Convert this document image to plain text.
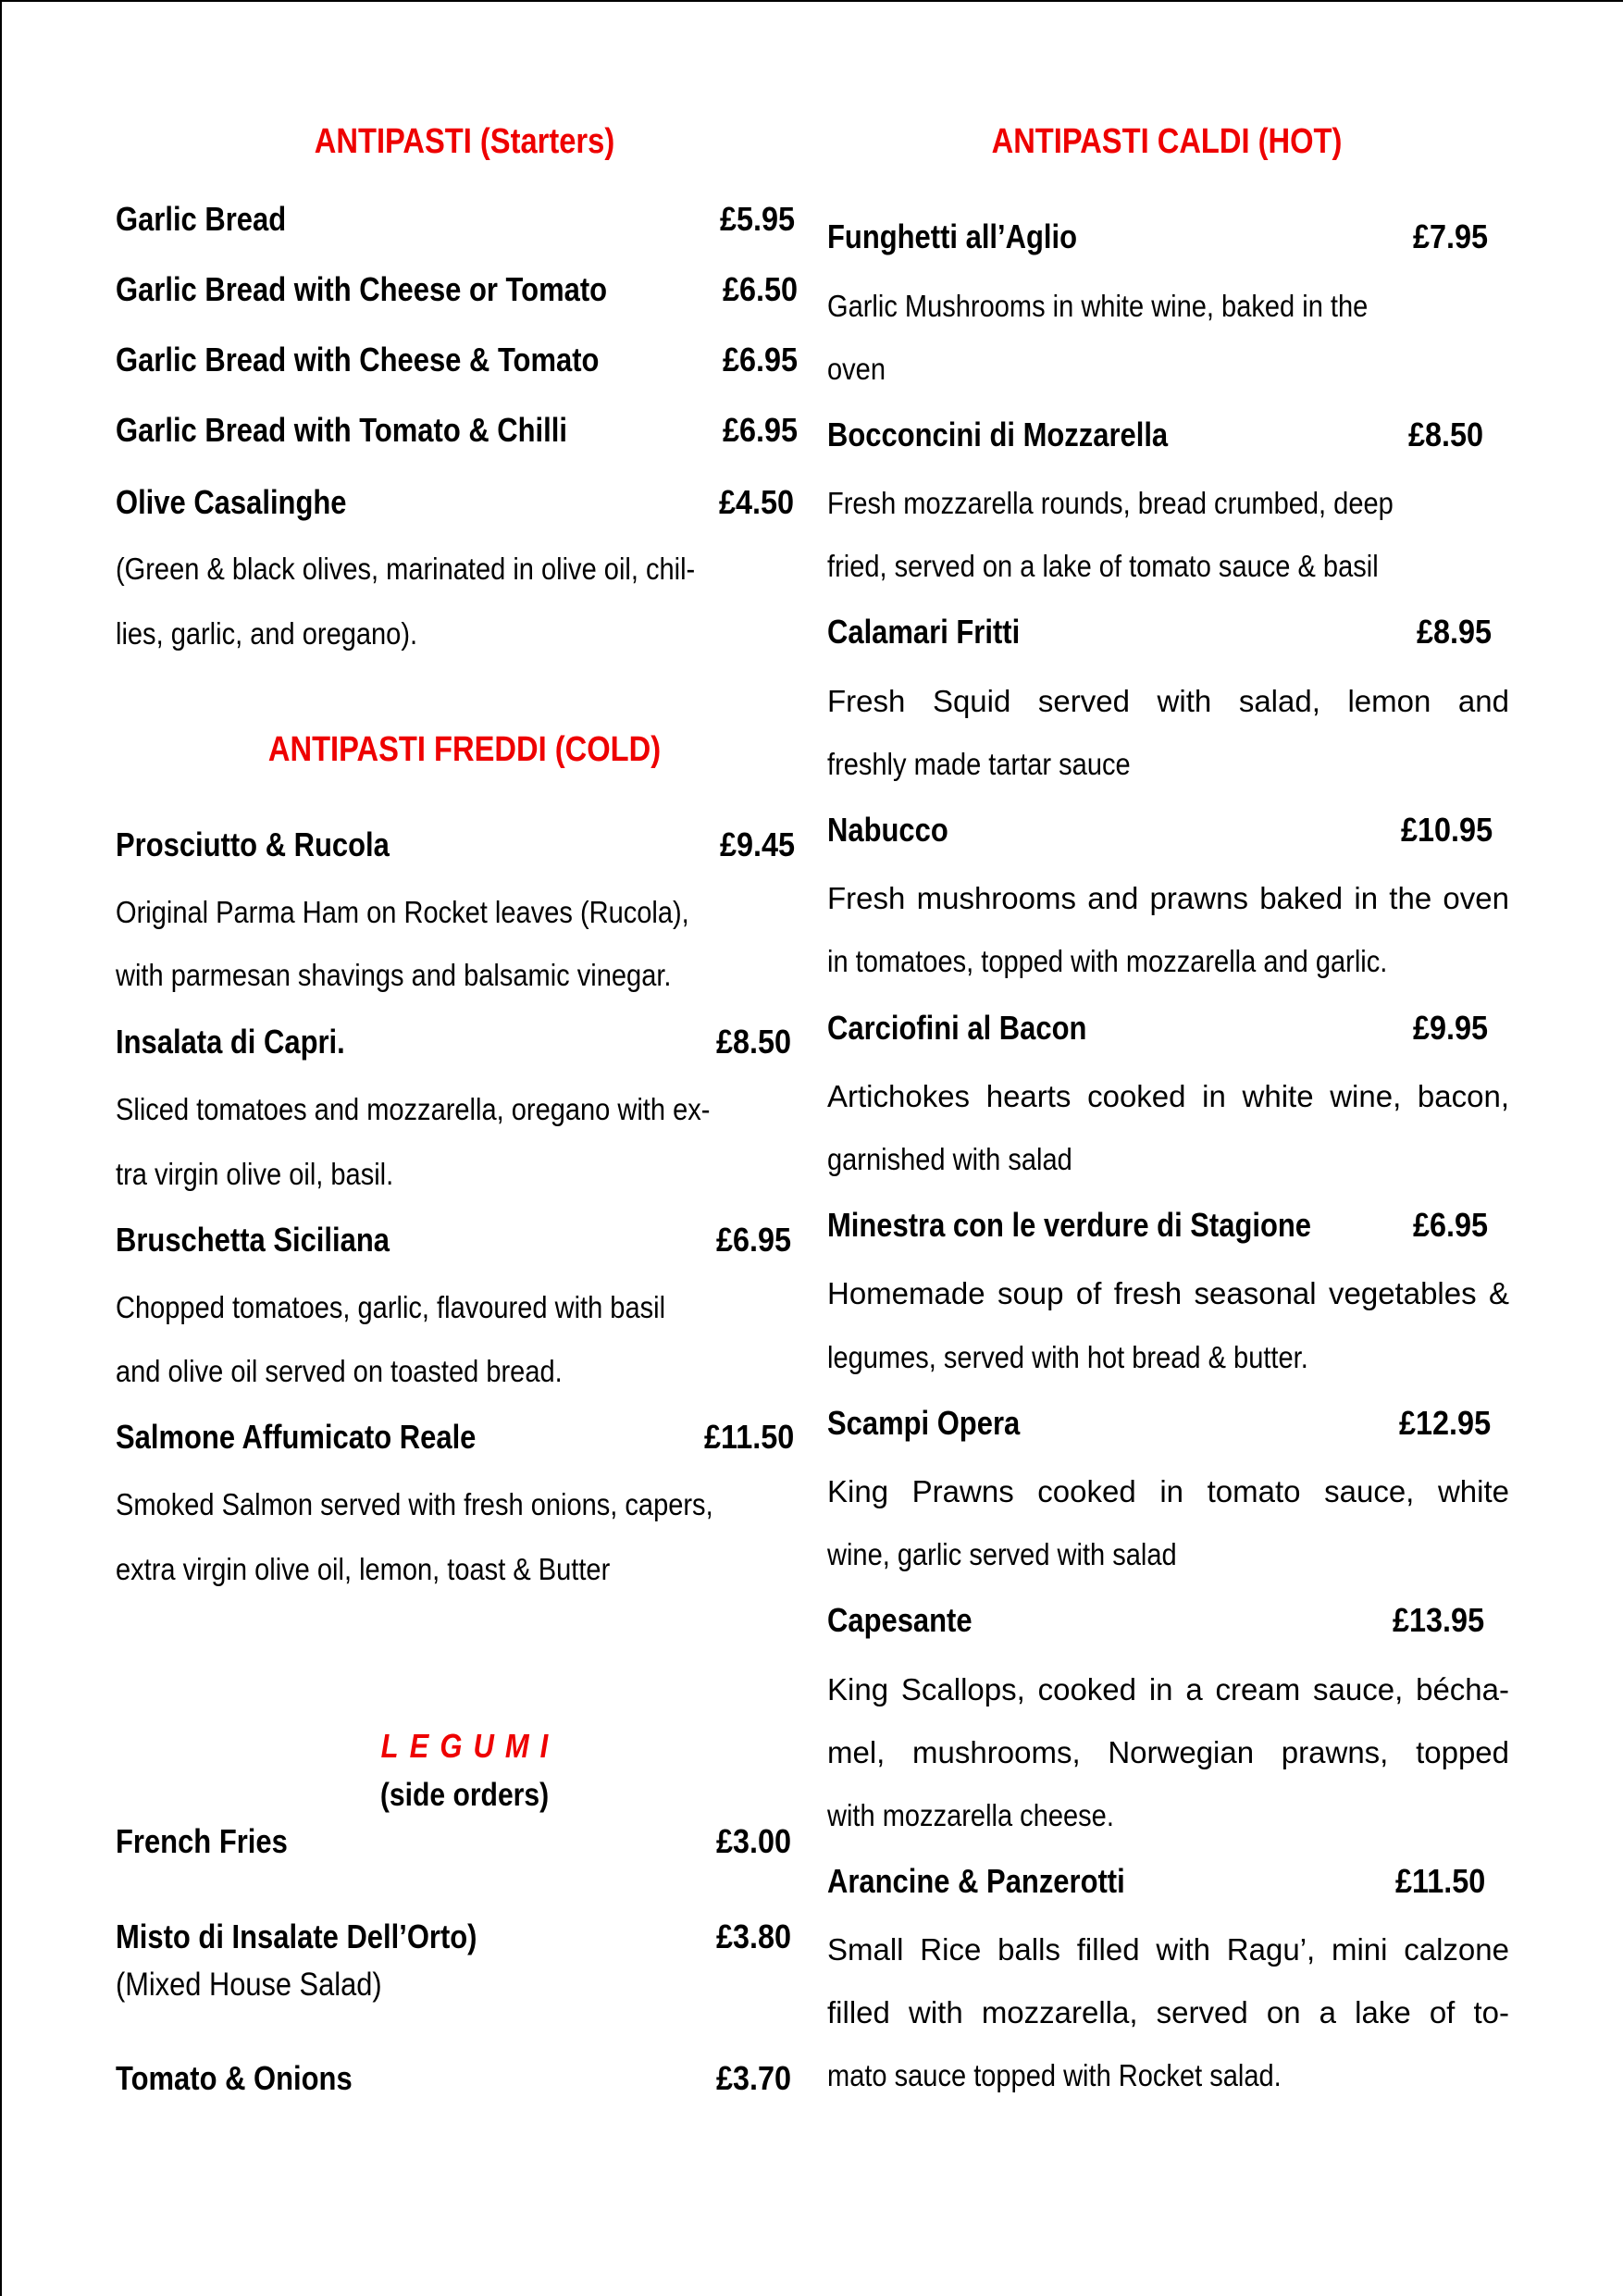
ANTIPASTI (Starters)
Garlic Bread	£5.95
Garlic Bread with Cheese or Tomato	£6.50
Garlic Bread with Cheese & Tomato	£6.95
Garlic Bread with Tomato & Chilli	£6.95
Olive Casalinghe	£4.50
(Green & black olives, marinated in olive oil, chil-
lies, garlic, and oregano).
ANTIPASTI FREDDI (COLD)
Prosciutto & Rucola	£9.45
Original Parma Ham on Rocket leaves (Rucola),
with parmesan shavings and balsamic vinegar.
Insalata di Capri.	£8.50
Sliced tomatoes and mozzarella, oregano with ex-
tra virgin olive oil, basil.
Bruschetta Siciliana	£6.95
Chopped tomatoes, garlic, flavoured with basil
and olive oil served on toasted bread.
Salmone Affumicato Reale	£11.50
Smoked Salmon served with fresh onions, capers,
extra virgin olive oil, lemon, toast & Butter
LEGUMI
(side orders)
French Fries	£3.00
Misto di Insalate Dell’Orto)	£3.80
(Mixed House Salad)
Tomato & Onions	£3.70
ANTIPASTI CALDI (HOT)
Funghetti all’Aglio	£7.95
Garlic Mushrooms in white wine, baked in the
oven
Bocconcini di Mozzarella	£8.50
Fresh mozzarella rounds, bread crumbed, deep
fried, served on a lake of tomato sauce & basil
Calamari Fritti	£8.95
Fresh Squid served with salad, lemon and
freshly made tartar sauce
Nabucco	£10.95
Fresh mushrooms and prawns baked in the oven
in tomatoes, topped with mozzarella and garlic.
Carciofini al Bacon	£9.95
Artichokes hearts cooked in white wine, bacon,
garnished with salad
Minestra con le verdure di Stagione	£6.95
Homemade soup of fresh seasonal vegetables &
legumes, served with hot bread & butter.
Scampi Opera	£12.95
King Prawns cooked in tomato sauce, white
wine, garlic served with salad
Capesante	£13.95
King Scallops, cooked in a cream sauce, bécha-
mel, mushrooms, Norwegian prawns, topped
with mozzarella cheese.
Arancine & Panzerotti	£11.50
Small Rice balls filled with Ragu’, mini calzone
filled with mozzarella, served on a lake of to-
mato sauce topped with Rocket salad.
